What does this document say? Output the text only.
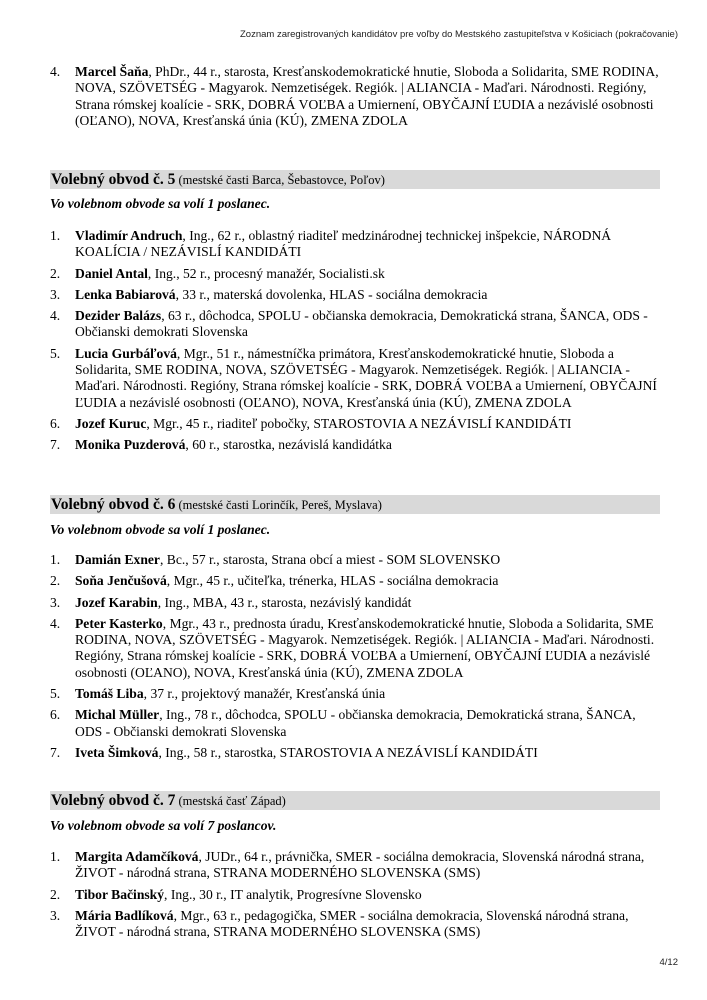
Zoznam zaregistrovaných kandidátov pre voľby do Mestského zastupiteľstva v Košiciach (pokračovanie)
4. Marcel Šaňa, PhDr., 44 r., starosta, Kresťanskodemokratické hnutie, Sloboda a Solidarita, SME RODINA, NOVA, SZÖVETSÉG - Magyarok. Nemzetiségek. Regiók. | ALIANCIA - Maďari. Národnosti. Regióny, Strana rómskej koalície - SRK, DOBRÁ VOĽBA a Umiernení, OBYČAJNÍ ĽUDIA a nezávislé osobnosti (OĽANO), NOVA, Kresťanská únia (KÚ), ZMENA ZDOLA
Volebný obvod č. 5 (mestské časti Barca, Šebastovce, Poľov)
Vo volebnom obvode sa volí 1 poslanec.
1. Vladimír Andruch, Ing., 62 r., oblastný riaditeľ medzinárodnej technickej inšpekcie, NÁRODNÁ KOALÍCIA / NEZÁVISLÍ KANDIDÁTI
2. Daniel Antal, Ing., 52 r., procesný manažér, Socialisti.sk
3. Lenka Babiarová, 33 r., materská dovolenka, HLAS - sociálna demokracia
4. Dezider Balázs, 63 r., dôchodca, SPOLU - občianska demokracia, Demokratická strana, ŠANCA, ODS - Občianski demokrati Slovenska
5. Lucia Gurbáľová, Mgr., 51 r., námestníčka primátora, Kresťanskodemokratické hnutie, Sloboda a Solidarita, SME RODINA, NOVA, SZÖVETSÉG - Magyarok. Nemzetiségek. Regiók. | ALIANCIA - Maďari. Národnosti. Regióny, Strana rómskej koalície - SRK, DOBRÁ VOĽBA a Umiernení, OBYČAJNÍ ĽUDIA a nezávislé osobnosti (OĽANO), NOVA, Kresťanská únia (KÚ), ZMENA ZDOLA
6. Jozef Kuruc, Mgr., 45 r., riaditeľ pobočky, STAROSTOVIA A NEZÁVISLÍ KANDIDÁTI
7. Monika Puzderová, 60 r., starostka, nezávislá kandidátka
Volebný obvod č. 6 (mestské časti Lorinčík, Pereš, Myslava)
Vo volebnom obvode sa volí 1 poslanec.
1. Damián Exner, Bc., 57 r., starosta, Strana obcí a miest - SOM SLOVENSKO
2. Soňa Jenčušová, Mgr., 45 r., učiteľka, trénerka, HLAS - sociálna demokracia
3. Jozef Karabin, Ing., MBA, 43 r., starosta, nezávislý kandidát
4. Peter Kasterko, Mgr., 43 r., prednosta úradu, Kresťanskodemokratické hnutie, Sloboda a Solidarita, SME RODINA, NOVA, SZÖVETSÉG - Magyarok. Nemzetiségek. Regiók. | ALIANCIA - Maďari. Národnosti. Regióny, Strana rómskej koalície - SRK, DOBRÁ VOĽBA a Umiernení, OBYČAJNÍ ĽUDIA a nezávislé osobnosti (OĽANO), NOVA, Kresťanská únia (KÚ), ZMENA ZDOLA
5. Tomáš Liba, 37 r., projektový manažér, Kresťanská únia
6. Michal Müller, Ing., 78 r., dôchodca, SPOLU - občianska demokracia, Demokratická strana, ŠANCA, ODS - Občianski demokrati Slovenska
7. Iveta Šimková, Ing., 58 r., starostka, STAROSTOVIA A NEZÁVISLÍ KANDIDÁTI
Volebný obvod č. 7 (mestská časť Západ)
Vo volebnom obvode sa volí 7 poslancov.
1. Margita Adamčíková, JUDr., 64 r., právnička, SMER - sociálna demokracia, Slovenská národná strana, ŽIVOT - národná strana, STRANA MODERNÉHO SLOVENSKA (SMS)
2. Tibor Bačinský, Ing., 30 r., IT analytik, Progresívne Slovensko
3. Mária Badlíková, Mgr., 63 r., pedagogička, SMER - sociálna demokracia, Slovenská národná strana, ŽIVOT - národná strana, STRANA MODERNÉHO SLOVENSKA (SMS)
4/12
